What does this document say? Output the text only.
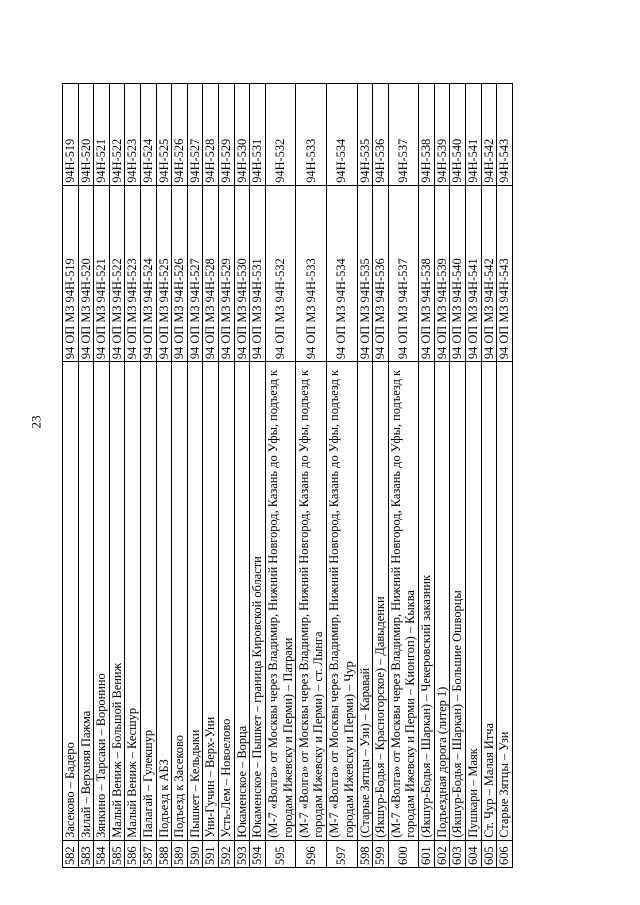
23
582	Засеково – Бадеро	94 ОП МЗ 94Н-519	94Н-519
583	Зилай – Верхняя Пажма	94 ОП МЗ 94Н-520	94Н-520
584	Зянкино – Тарсаки – Воронино	94 ОП МЗ 94Н-521	94Н-521
585	Малый Вениж – Большой Вениж	94 ОП МЗ 94Н-522	94Н-522
586	Малый Вениж – Кесшур	94 ОП МЗ 94Н-523	94Н-523
587	Палагай – Гулекшур	94 ОП МЗ 94Н-524	94Н-524
588	Подъезд к АБЗ	94 ОП МЗ 94Н-525	94Н-525
589	Подъезд к Засеково	94 ОП МЗ 94Н-526	94Н-526
590	Пышкет – Кельдыки	94 ОП МЗ 94Н-527	94Н-527
591	Уни-Гучин – Верх-Уни	94 ОП МЗ 94Н-528	94Н-528
592	Усть-Лем – Новоелово	94 ОП МЗ 94Н-529	94Н-529
593	Юкаменское – Ворца	94 ОП МЗ 94Н-530	94Н-530
594	Юкаменское – Пышкет – граница Кировской области	94 ОП МЗ 94Н-531	94Н-531
595	(М-7 «Волга» от Москвы через Владимир, Нижний Новгород, Казань до Уфы, подъезд к городам Ижевску и Перми) – Патраки	94 ОП МЗ 94Н-532	94Н-532
596	(М-7 «Волга» от Москвы через Владимир, Нижний Новгород, Казань до Уфы, подъезд к городам Ижевску и Перми) – ст. Лынга	94 ОП МЗ 94Н-533	94Н-533
597	(М-7 «Волга» от Москвы через Владимир, Нижний Новгород, Казань до Уфы, подъезд к городам Ижевску и Перми) – Чур	94 ОП МЗ 94Н-534	94Н-534
598	(Старые Зятцы – Узи) – Каравай	94 ОП МЗ 94Н-535	94Н-535
599	(Якшур-Бодья – Красногорское) – Давыденки	94 ОП МЗ 94Н-536	94Н-536
600	(М-7 «Волга» от Москвы через Владимир, Нижний Новгород, Казань до Уфы, подъезд к городам Ижевску и Перми – Кионгоп) – Кыква	94 ОП МЗ 94Н-537	94Н-537
601	(Якшур-Бодья – Шаркан) – Чекеровский заказник	94 ОП МЗ 94Н-538	94Н-538
602	Подъездная дорога (литер 1)	94 ОП МЗ 94Н-539	94Н-539
603	(Якшур-Бодья – Шаркан) – Большие Ошворцы	94 ОП МЗ 94Н-540	94Н-540
604	Пушкари – Маяк	94 ОП МЗ 94Н-541	94Н-541
605	Ст. Чур – Малая Итча	94 ОП МЗ 94Н-542	94Н-542
606	Старые Зятцы – Узи	94 ОП МЗ 94Н-543	94Н-543
